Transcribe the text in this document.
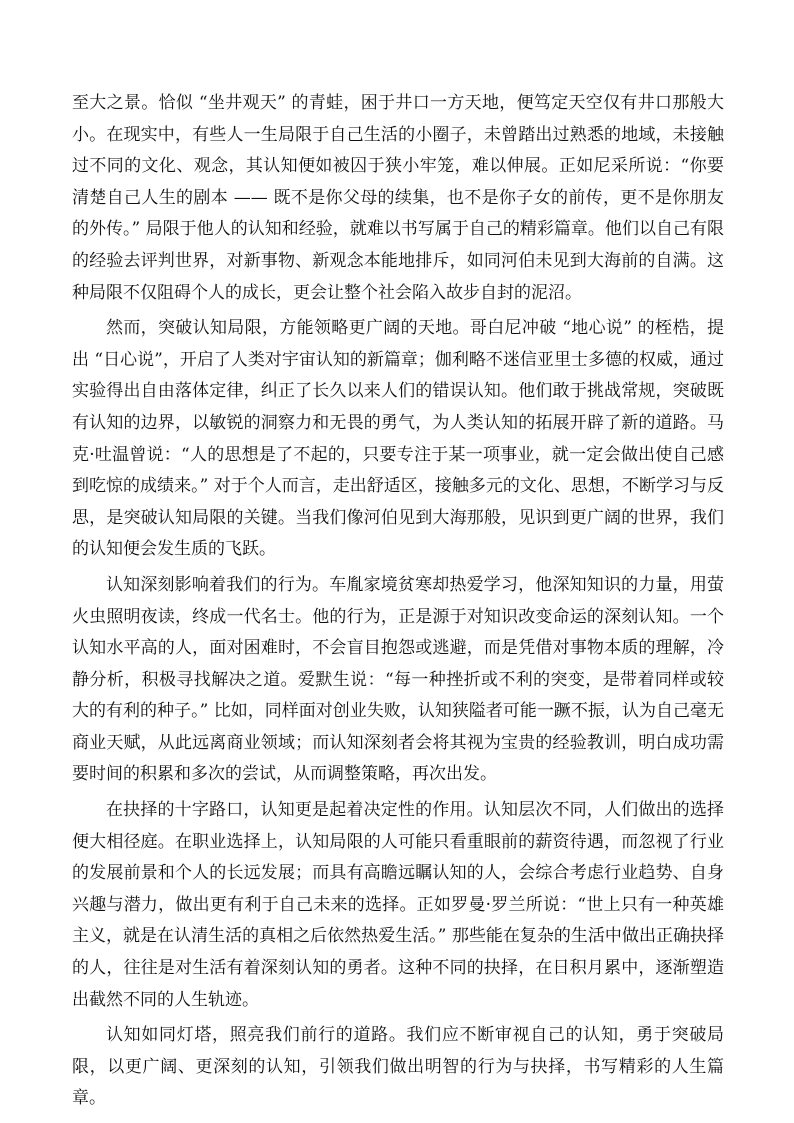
至大之景。恰似 “坐井观天” 的青蛙，困于井口一方天地，便笃定天空仅有井口那般大小。在现实中，有些人一生局限于自己生活的小圈子，未曾踏出过熟悉的地域，未接触过不同的文化、观念，其认知便如被囚于狭小牢笼，难以伸展。正如尼采所说：“你要清楚自己人生的剧本 —— 既不是你父母的续集，也不是你子女的前传，更不是你朋友的外传。” 局限于他人的认知和经验，就难以书写属于自己的精彩篇章。他们以自己有限的经验去评判世界，对新事物、新观念本能地排斥，如同河伯未见到大海前的自满。这种局限不仅阻碍个人的成长，更会让整个社会陷入故步自封的泥沼。

然而，突破认知局限，方能领略更广阔的天地。哥白尼冲破 “地心说” 的桎梏，提出 “日心说”，开启了人类对宇宙认知的新篇章；伽利略不迷信亚里士多德的权威，通过实验得出自由落体定律，纠正了长久以来人们的错误认知。他们敢于挑战常规，突破既有认知的边界，以敏锐的洞察力和无畏的勇气，为人类认知的拓展开辟了新的道路。马克·吐温曾说：“人的思想是了不起的，只要专注于某一项事业，就一定会做出使自己感到吃惊的成绩来。” 对于个人而言，走出舒适区，接触多元的文化、思想，不断学习与反思，是突破认知局限的关键。当我们像河伯见到大海那般，见识到更广阔的世界，我们的认知便会发生质的飞跃。

认知深刻影响着我们的行为。车胤家境贫寒却热爱学习，他深知知识的力量，用萤火虫照明夜读，终成一代名士。他的行为，正是源于对知识改变命运的深刻认知。一个认知水平高的人，面对困难时，不会盲目抱怨或逃避，而是凭借对事物本质的理解，冷静分析，积极寻找解决之道。爱默生说：“每一种挫折或不利的突变，是带着同样或较大的有利的种子。” 比如，同样面对创业失败，认知狭隘者可能一蹶不振，认为自己毫无商业天赋，从此远离商业领域；而认知深刻者会将其视为宝贵的经验教训，明白成功需要时间的积累和多次的尝试，从而调整策略，再次出发。

在抉择的十字路口，认知更是起着决定性的作用。认知层次不同，人们做出的选择便大相径庭。在职业选择上，认知局限的人可能只看重眼前的薪资待遇，而忽视了行业的发展前景和个人的长远发展；而具有高瞻远瞩认知的人，会综合考虑行业趋势、自身兴趣与潜力，做出更有利于自己未来的选择。正如罗曼·罗兰所说：“世上只有一种英雄主义，就是在认清生活的真相之后依然热爱生活。” 那些能在复杂的生活中做出正确抉择的人，往往是对生活有着深刻认知的勇者。这种不同的抉择，在日积月累中，逐渐塑造出截然不同的人生轨迹。

认知如同灯塔，照亮我们前行的道路。我们应不断审视自己的认知，勇于突破局限，以更广阔、更深刻的认知，引领我们做出明智的行为与抉择，书写精彩的人生篇章。
